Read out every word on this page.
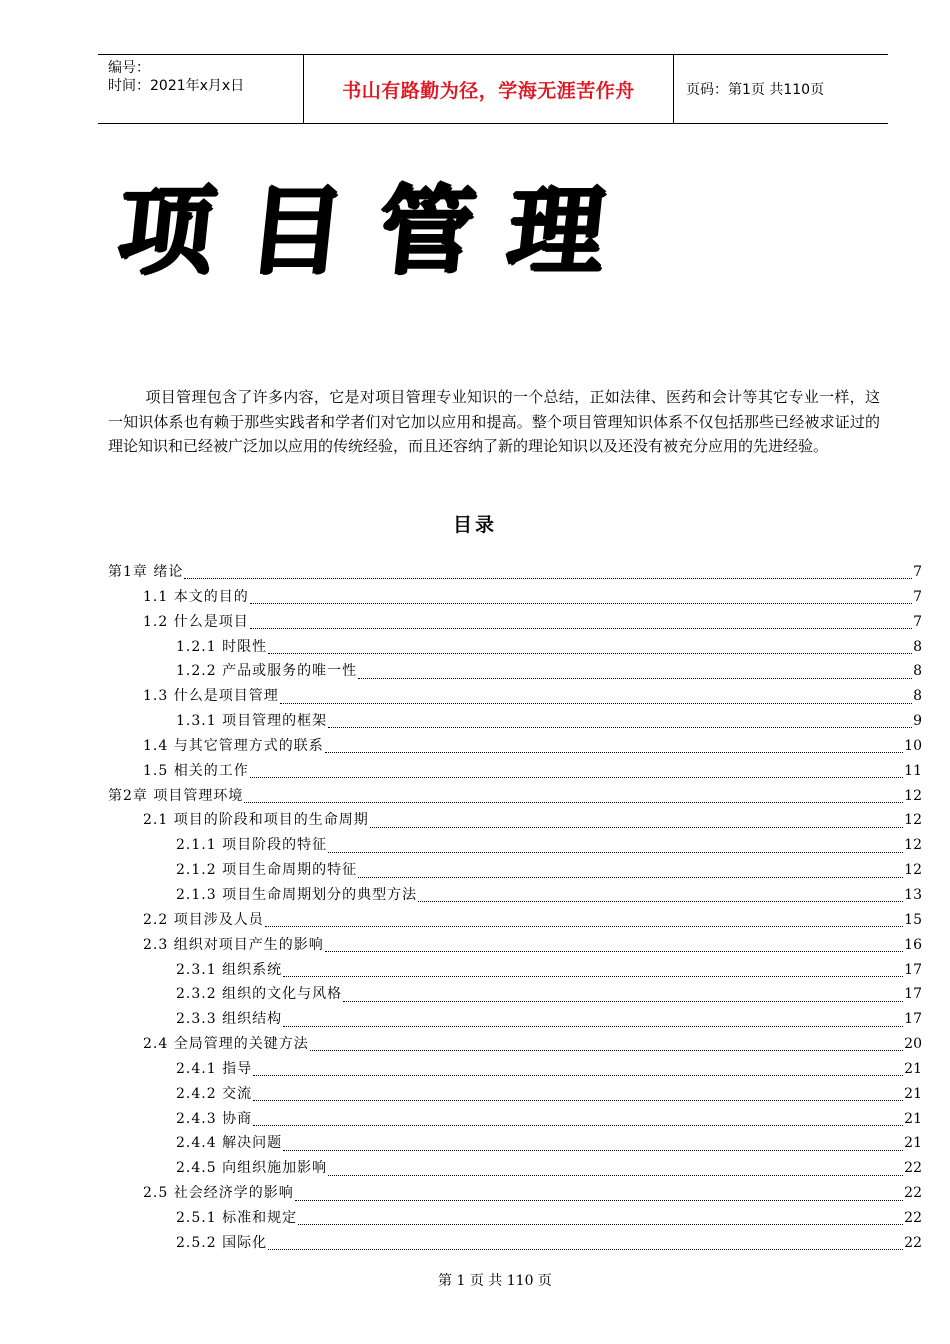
编号：
时间：2021年x月x日	书山有路勤为径，学海无涯苦作舟	页码：第1页 共110页
项目管理
项目管理包含了许多内容，它是对项目管理专业知识的一个总结，正如法律、医药和会计等其它专业一样，这一知识体系也有赖于那些实践者和学者们对它加以应用和提高。整个项目管理知识体系不仅包括那些已经被求证过的理论知识和已经被广泛加以应用的传统经验，而且还容纳了新的理论知识以及还没有被充分应用的先进经验。
目录
第1章 绪论	7
1.1 本文的目的	7
1.2 什么是项目	7
1.2.1 时限性	8
1.2.2 产品或服务的唯一性	8
1.3 什么是项目管理	8
1.3.1 项目管理的框架	9
1.4 与其它管理方式的联系	10
1.5 相关的工作	11
第2章 项目管理环境	12
2.1 项目的阶段和项目的生命周期	12
2.1.1 项目阶段的特征	12
2.1.2 项目生命周期的特征	12
2.1.3 项目生命周期划分的典型方法	13
2.2 项目涉及人员	15
2.3 组织对项目产生的影响	16
2.3.1 组织系统	17
2.3.2 组织的文化与风格	17
2.3.3 组织结构	17
2.4 全局管理的关键方法	20
2.4.1 指导	21
2.4.2 交流	21
2.4.3 协商	21
2.4.4 解决问题	21
2.4.5 向组织施加影响	22
2.5 社会经济学的影响	22
2.5.1 标准和规定	22
2.5.2 国际化	22
第 1 页 共 110 页
